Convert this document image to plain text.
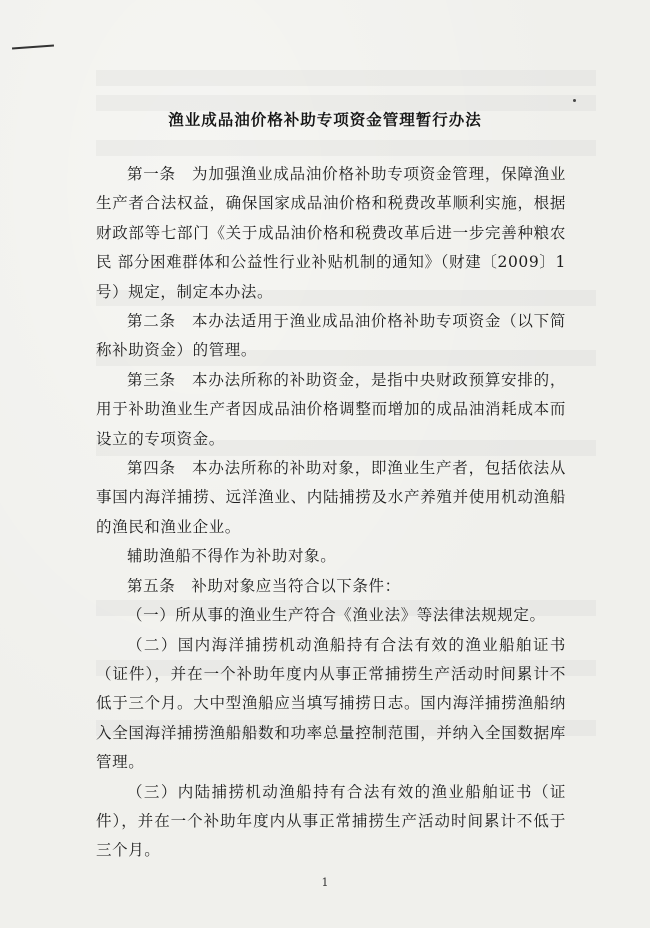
渔业成品油价格补助专项资金管理暂行办法

第一条　为加强渔业成品油价格补助专项资金管理，保障渔业生产者合法权益，确保国家成品油价格和税费改革顺利实施，根据财政部等七部门《关于成品油价格和税费改革后进一步完善种粮农民 部分困难群体和公益性行业补贴机制的通知》（财建〔2009〕1号）规定，制定本办法。

第二条　本办法适用于渔业成品油价格补助专项资金（以下简称补助资金）的管理。

第三条　本办法所称的补助资金，是指中央财政预算安排的，用于补助渔业生产者因成品油价格调整而增加的成品油消耗成本而设立的专项资金。

第四条　本办法所称的补助对象，即渔业生产者，包括依法从事国内海洋捕捞、远洋渔业、内陆捕捞及水产养殖并使用机动渔船的渔民和渔业企业。

辅助渔船不得作为补助对象。

第五条　补助对象应当符合以下条件：

（一）所从事的渔业生产符合《渔业法》等法律法规规定。

（二）国内海洋捕捞机动渔船持有合法有效的渔业船舶证书（证件），并在一个补助年度内从事正常捕捞生产活动时间累计不低于三个月。大中型渔船应当填写捕捞日志。国内海洋捕捞渔船纳入全国海洋捕捞渔船船数和功率总量控制范围，并纳入全国数据库管理。

（三）内陆捕捞机动渔船持有合法有效的渔业船舶证书（证件），并在一个补助年度内从事正常捕捞生产活动时间累计不低于三个月。

1
